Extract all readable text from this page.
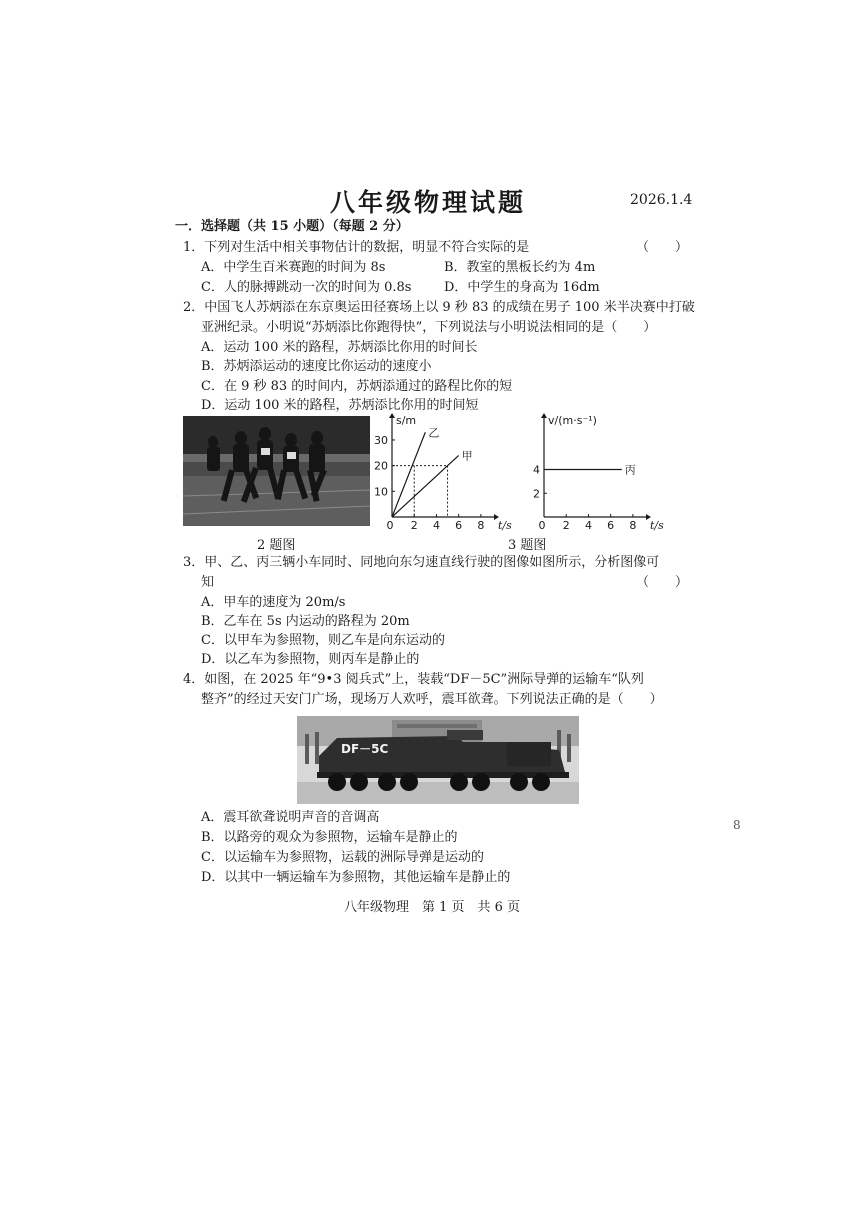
八年级物理试题	2026.1.4
一．选择题（共 15 小题）（每题 2 分）
1．下列对生活中相关事物估计的数据，明显不符合实际的是	（　　）
A．中学生百米赛跑的时间为 8s	B．教室的黑板长约为 4m
C．人的脉搏跳动一次的时间为 0.8s	D．中学生的身高为 16dm
2．中国飞人苏炳添在东京奥运田径赛场上以 9 秒 83 的成绩在男子 100 米半决赛中打破
亚洲纪录。小明说“苏炳添比你跑得快”，下列说法与小明说法相同的是（　　）
A．运动 100 米的路程，苏炳添比你用的时间长
B．苏炳添运动的速度比你运动的速度小
C．在 9 秒 83 的时间内，苏炳添通过的路程比你的短
D．运动 100 米的路程，苏炳添比你用的时间短
0 2 4 6 8
10
20
30
s/m
t/s
乙
甲
0 2 4 6 8
2
4
v/(m·s⁻¹)
t/s
丙
2 题图	3 题图
3．甲、乙、丙三辆小车同时、同地向东匀速直线行驶的图像如图所示，分析图像可
知	（　　）
A．甲车的速度为 20m/s
B．乙车在 5s 内运动的路程为 20m
C．以甲车为参照物，则乙车是向东运动的
D．以乙车为参照物，则丙车是静止的
4．如图，在 2025 年“9•3 阅兵式”上，装载“DF－5C”洲际导弹的运输车“队列
整齐”的经过天安门广场，现场万人欢呼，震耳欲聋。下列说法正确的是（　　）
DF－5C
A．震耳欲聋说明声音的音调高
B．以路旁的观众为参照物，运输车是静止的
C．以运输车为参照物，运载的洲际导弹是运动的
D．以其中一辆运输车为参照物，其他运输车是静止的
八年级物理　第 1 页　共 6 页
8
